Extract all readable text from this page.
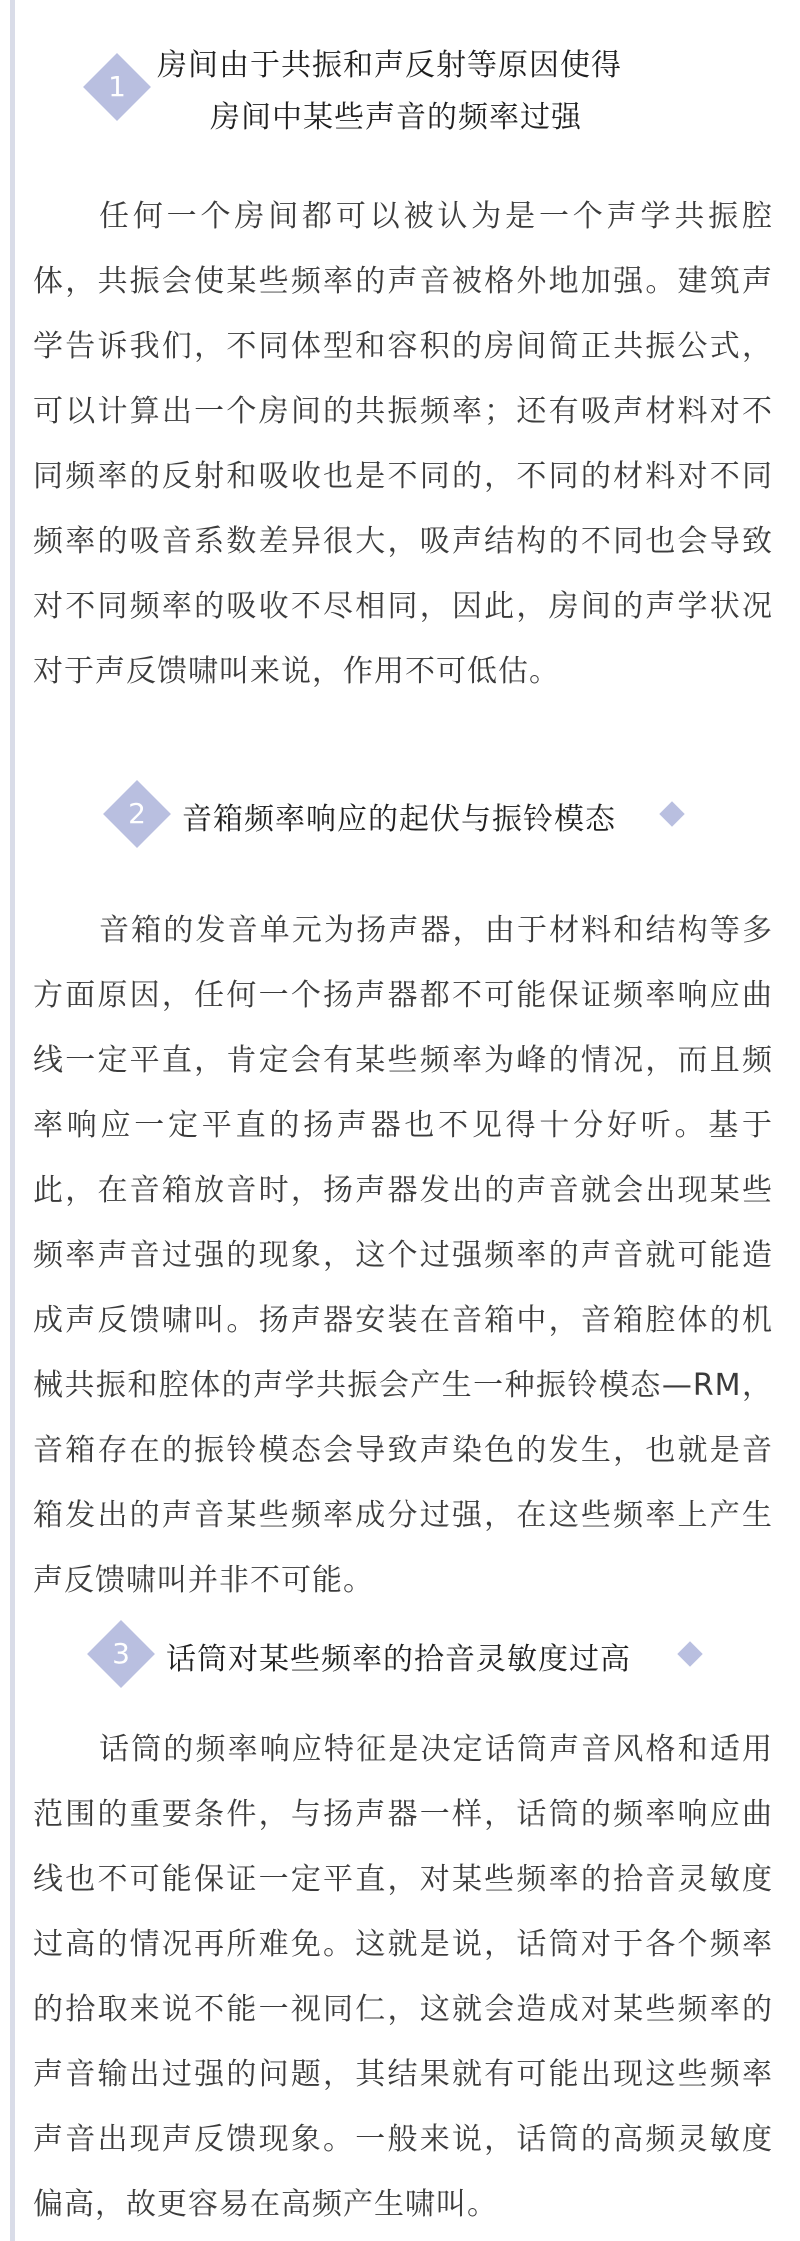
1
房间由于共振和声反射等原因使得
房间中某些声音的频率过强
任何一个房间都可以被认为是一个声学共振腔体，共振会使某些频率的声音被格外地加强。建筑声学告诉我们，不同体型和容积的房间简正共振公式，可以计算出一个房间的共振频率；还有吸声材料对不同频率的反射和吸收也是不同的，不同的材料对不同频率的吸音系数差异很大，吸声结构的不同也会导致对不同频率的吸收不尽相同，因此，房间的声学状况对于声反馈啸叫来说，作用不可低估。
2	音箱频率响应的起伏与振铃模态
音箱的发音单元为扬声器，由于材料和结构等多方面原因，任何一个扬声器都不可能保证频率响应曲线一定平直，肯定会有某些频率为峰的情况，而且频率响应一定平直的扬声器也不见得十分好听。基于此，在音箱放音时，扬声器发出的声音就会出现某些频率声音过强的现象，这个过强频率的声音就可能造成声反馈啸叫。扬声器安装在音箱中，音箱腔体的机械共振和腔体的声学共振会产生一种振铃模态—RM，音箱存在的振铃模态会导致声染色的发生，也就是音箱发出的声音某些频率成分过强，在这些频率上产生声反馈啸叫并非不可能。
3	话筒对某些频率的拾音灵敏度过高
话筒的频率响应特征是决定话筒声音风格和适用范围的重要条件，与扬声器一样，话筒的频率响应曲线也不可能保证一定平直，对某些频率的拾音灵敏度过高的情况再所难免。这就是说，话筒对于各个频率的拾取来说不能一视同仁，这就会造成对某些频率的声音输出过强的问题，其结果就有可能出现这些频率声音出现声反馈现象。一般来说，话筒的高频灵敏度偏高，故更容易在高频产生啸叫。
